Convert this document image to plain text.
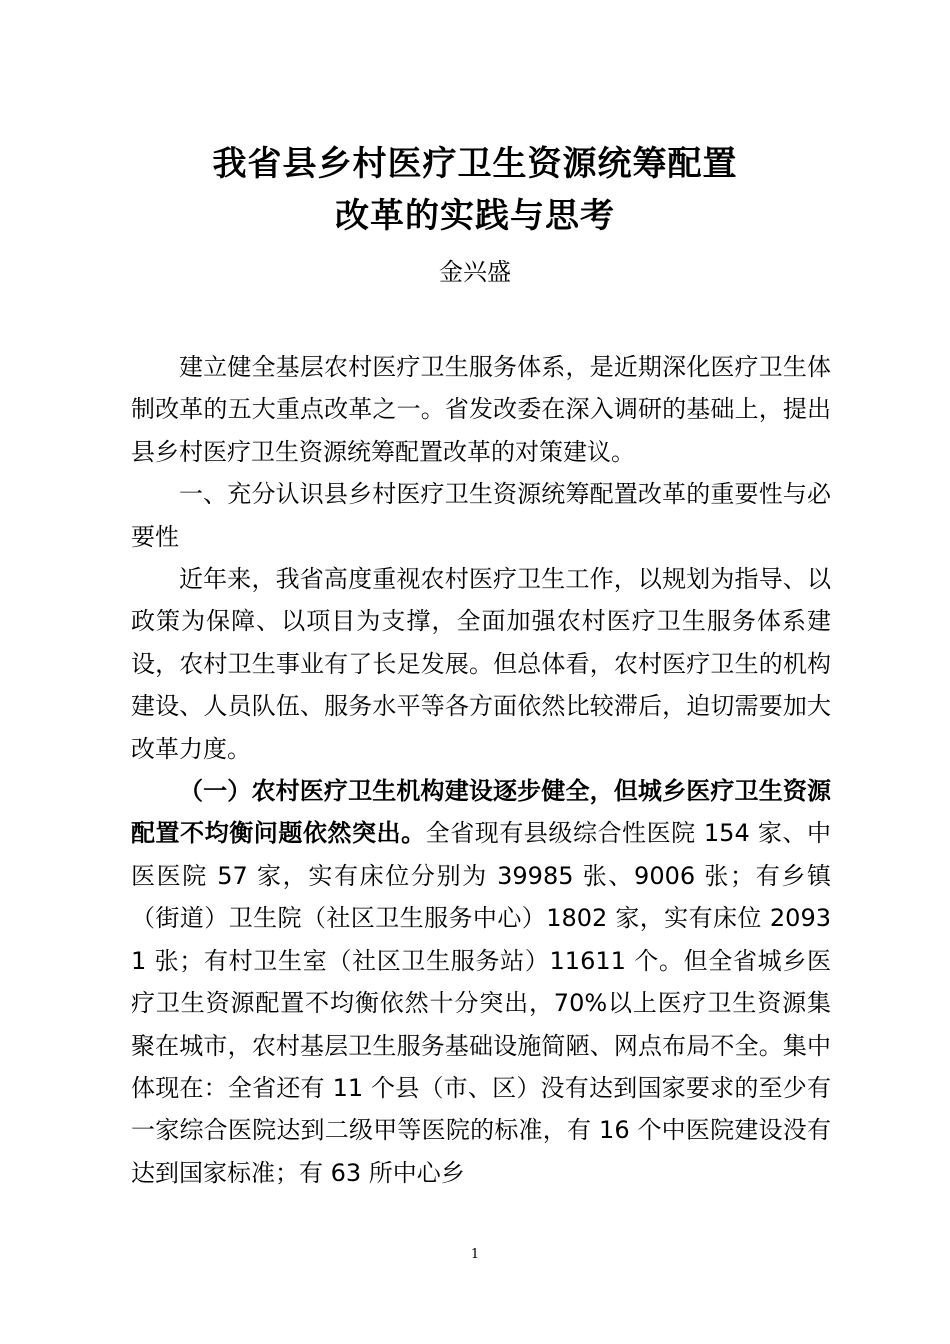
我省县乡村医疗卫生资源统筹配置
改革的实践与思考
金兴盛

建立健全基层农村医疗卫生服务体系，是近期深化医疗卫生体制改革的五大重点改革之一。省发改委在深入调研的基础上，提出县乡村医疗卫生资源统筹配置改革的对策建议。

一、充分认识县乡村医疗卫生资源统筹配置改革的重要性与必要性

近年来，我省高度重视农村医疗卫生工作，以规划为指导、以政策为保障、以项目为支撑，全面加强农村医疗卫生服务体系建设，农村卫生事业有了长足发展。但总体看，农村医疗卫生的机构建设、人员队伍、服务水平等各方面依然比较滞后，迫切需要加大改革力度。

（一）农村医疗卫生机构建设逐步健全，但城乡医疗卫生资源配置不均衡问题依然突出。全省现有县级综合性医院 154 家、中医医院 57 家，实有床位分别为 39985 张、9006 张；有乡镇（街道）卫生院（社区卫生服务中心）1802 家，实有床位 20931 张；有村卫生室（社区卫生服务站）11611 个。但全省城乡医疗卫生资源配置不均衡依然十分突出，70%以上医疗卫生资源集聚在城市，农村基层卫生服务基础设施简陋、网点布局不全。集中体现在：全省还有 11 个县（市、区）没有达到国家要求的至少有一家综合医院达到二级甲等医院的标准，有 16 个中医院建设没有达到国家标准；有 63 所中心乡

1
